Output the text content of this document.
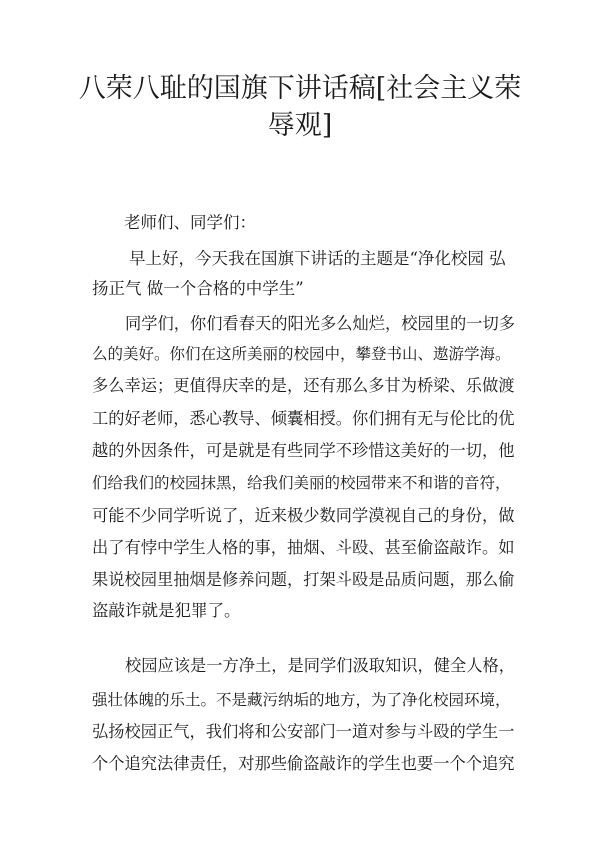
八荣八耻的国旗下讲话稿[社会主义荣
辱观]
老师们、同学们：
早上好，今天我在国旗下讲话的主题是“净化校园 弘
扬正气 做一个合格的中学生”
同学们，你们看春天的阳光多么灿烂，校园里的一切多
么的美好。你们在这所美丽的校园中，攀登书山、遨游学海。
多么幸运；更值得庆幸的是，还有那么多甘为桥梁、乐做渡
工的好老师，悉心教导、倾囊相授。你们拥有无与伦比的优
越的外因条件，可是就是有些同学不珍惜这美好的一切，他
们给我们的校园抹黑，给我们美丽的校园带来不和谐的音符，
可能不少同学听说了，近来极少数同学漠视自己的身份，做
出了有悖中学生人格的事，抽烟、斗殴、甚至偷盗敲诈。如
果说校园里抽烟是修养问题，打架斗殴是品质问题，那么偷
盗敲诈就是犯罪了。
校园应该是一方净土，是同学们汲取知识，健全人格，
强壮体魄的乐土。不是藏污纳垢的地方，为了净化校园环境，
弘扬校园正气，我们将和公安部门一道对参与斗殴的学生一
个个追究法律责任，对那些偷盗敲诈的学生也要一个个追究
